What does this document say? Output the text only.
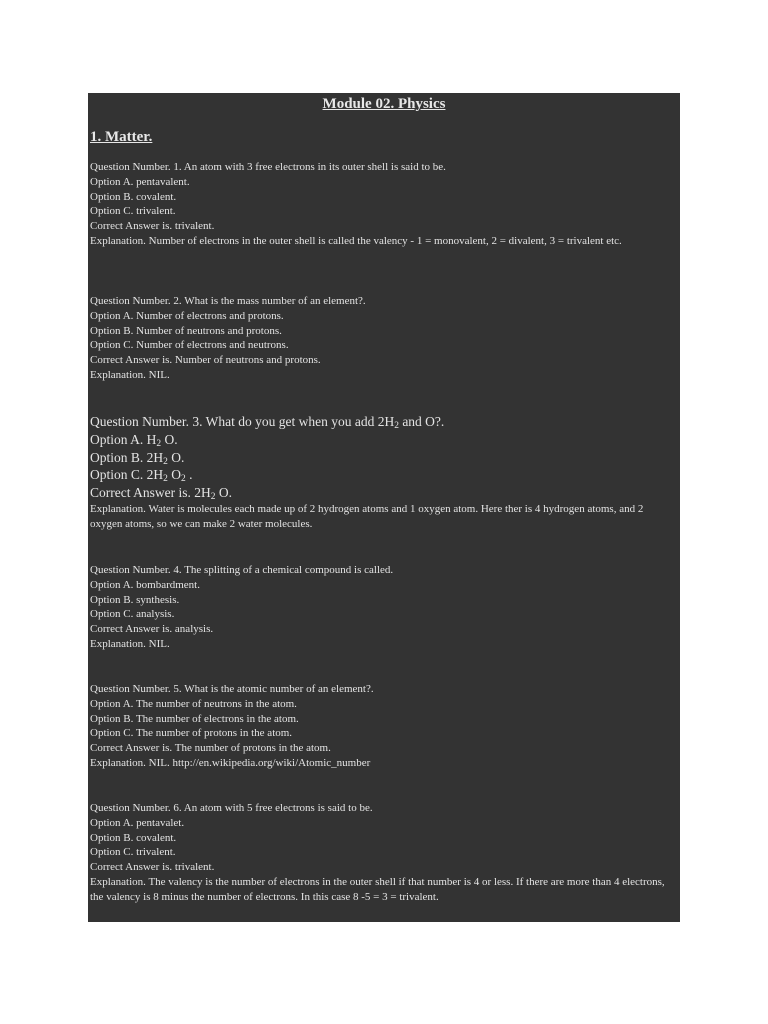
Module 02. Physics
1. Matter.
Question Number. 1. An atom with 3 free electrons in its outer shell is said to be.
Option A. pentavalent.
Option B. covalent.
Option C. trivalent.
Correct Answer is. trivalent.
Explanation. Number of electrons in the outer shell is called the valency - 1 = monovalent, 2 = divalent, 3 = trivalent etc.
Question Number. 2. What is the mass number of an element?.
Option A. Number of electrons and protons.
Option B. Number of neutrons and protons.
Option C. Number of electrons and neutrons.
Correct Answer is. Number of neutrons and protons.
Explanation. NIL.
Question Number. 3. What do you get when you add $2H_2$ and O?.
Option A. $H_2$ O.
Option B. $2H_2$ O.
Option C. $2H_2$ $O_2$ .
Correct Answer is. $2H_2$ O.
Explanation. Water is molecules each made up of 2 hydrogen atoms and 1 oxygen atom. Here ther is 4 hydrogen atoms, and 2 oxygen atoms, so we can make 2 water molecules.
Question Number. 4. The splitting of a chemical compound is called.
Option A. bombardment.
Option B. synthesis.
Option C. analysis.
Correct Answer is. analysis.
Explanation. NIL.
Question Number. 5. What is the atomic number of an element?.
Option A. The number of neutrons in the atom.
Option B. The number of electrons in the atom.
Option C. The number of protons in the atom.
Correct Answer is. The number of protons in the atom.
Explanation. NIL. http://en.wikipedia.org/wiki/Atomic_number
Question Number. 6. An atom with 5 free electrons is said to be.
Option A. pentavalet.
Option B. covalent.
Option C. trivalent.
Correct Answer is. trivalent.
Explanation. The valency is the number of electrons in the outer shell if that number is 4 or less. If there are more than 4 electrons, the valency is 8 minus the number of electrons. In this case 8 -5 = 3 = trivalent.
